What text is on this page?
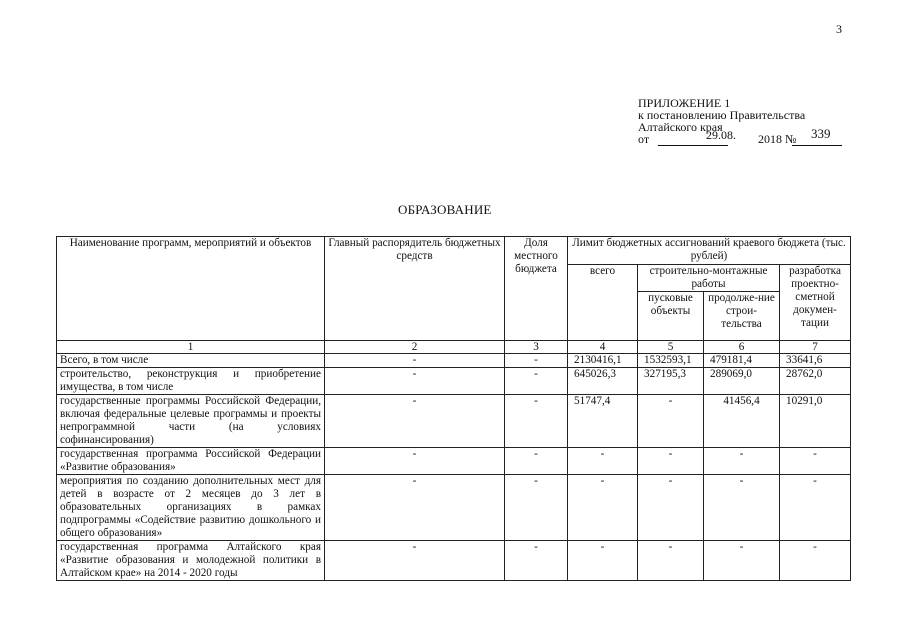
3
ПРИЛОЖЕНИЕ 1
к постановлению Правительства
Алтайского края
от	29.08. 2018 № 339
ОБРАЗОВАНИЕ
Наименование программ, мероприятий и объектов	Главный распорядитель бюджетных средств	Доля местного бюджета	Лимит бюджетных ассигнований краевого бюджета (тыс. рублей)			
			всего	строительно-монтажные работы		разработка проектно-сметной докумен-тации
				пусковые объекты	продолже-ние строи-тельства	
1	2	3	4	5	6	7
Всего, в том числе	-	-	2130416,1	1532593,1	479181,4	33641,6
строительство, реконструкция и приобретение имущества, в том числе	-	-	645026,3	327195,3	289069,0	28762,0
государственные программы Российской Федерации, включая федеральные целевые программы и проекты непрограммной части (на условиях софинансирования)	-	-	51747,4	-	41456,4	10291,0
государственная программа Российской Федерации «Развитие образования»	-	-	-	-	-	-
мероприятия по созданию дополнительных мест для детей в возрасте от 2 месяцев до 3 лет в образовательных организациях в рамках подпрограммы «Содействие развитию дошкольного и общего образования»	-	-	-	-	-	-
государственная программа Алтайского края «Развитие образования и молодежной политики в Алтайском крае» на 2014 - 2020 годы	-	-	-	-	-	-
